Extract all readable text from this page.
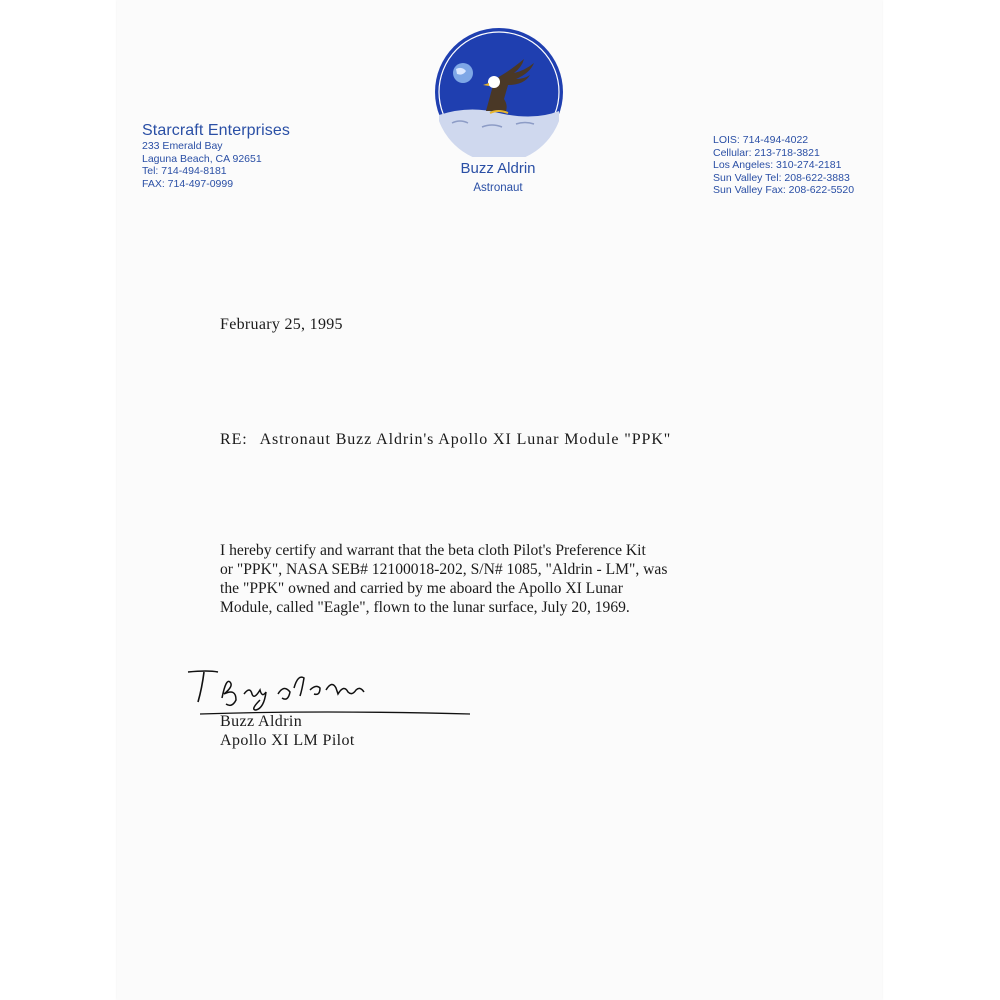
Starcraft Enterprises
233 Emerald Bay
Laguna Beach, CA 92651
Tel: 714-494-8181
FAX: 714-497-0999
Buzz Aldrin
Astronaut
LOIS: 714-494-4022
Cellular: 213-718-3821
Los Angeles: 310-274-2181
Sun Valley Tel: 208-622-3883
Sun Valley Fax: 208-622-5520
February 25, 1995
RE: Astronaut Buzz Aldrin's Apollo XI Lunar Module "PPK"
I hereby certify and warrant that the beta cloth Pilot's Preference Kit
or "PPK", NASA SEB# 12100018-202, S/N# 1085, "Aldrin - LM", was
the "PPK" owned and carried by me aboard the Apollo XI Lunar
Module, called "Eagle", flown to the lunar surface, July 20, 1969.
Buzz Aldrin
Apollo XI LM Pilot
